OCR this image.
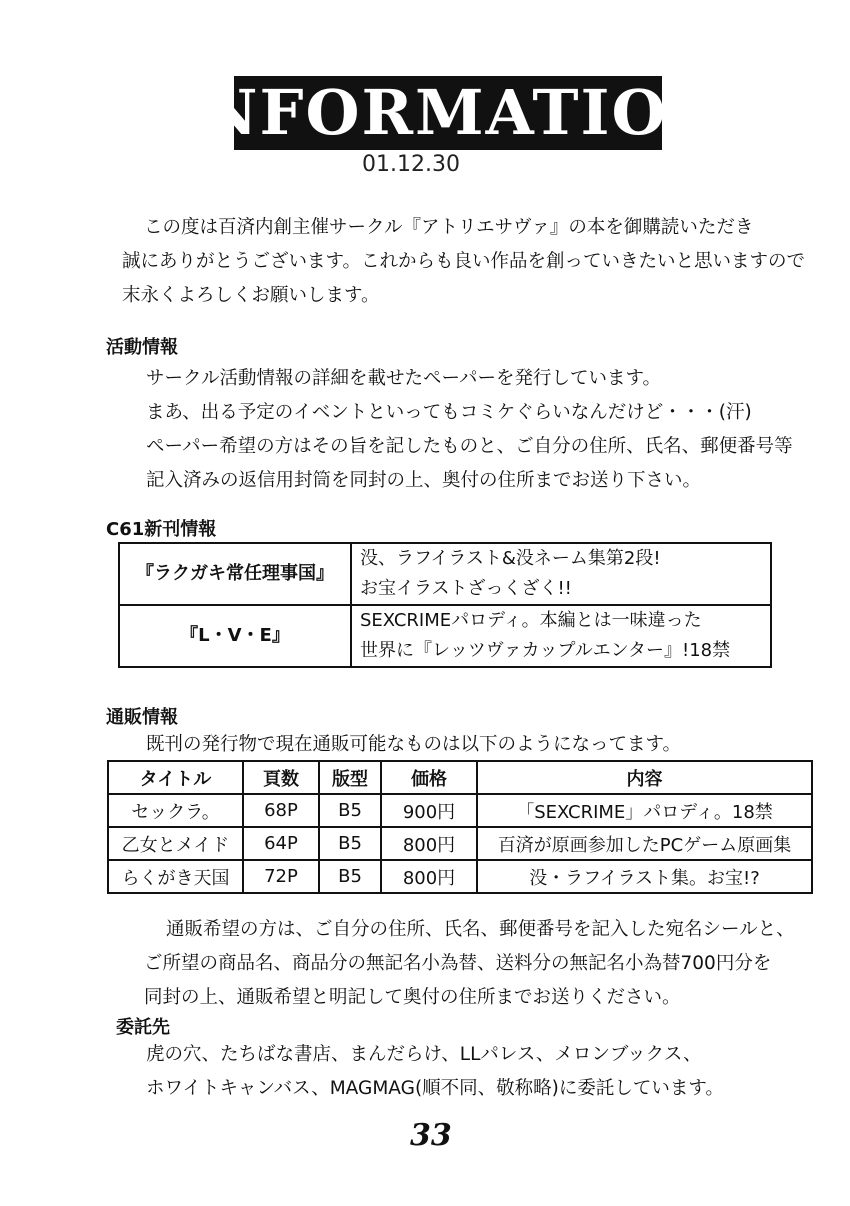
INFORMATION
01.12.30

この度は百済内創主催サークル『アトリエサヴァ』の本を御購読いただき

誠にありがとうございます。これからも良い作品を創っていきたいと思いますので

末永くよろしくお願いします。

活動情報

サークル活動情報の詳細を載せたペーパーを発行しています。

まあ、出る予定のイベントといってもコミケぐらいなんだけど・・・(汗)

ペーパー希望の方はその旨を記したものと、ご自分の住所、氏名、郵便番号等

記入済みの返信用封筒を同封の上、奥付の住所までお送り下さい。

C61新刊情報
『ラクガキ常任理事国』	没、ラフイラスト&没ネーム集第2段!
お宝イラストざっくざく!!

『L・V・E』	SEXCRIMEパロディ。本編とは一味違った
世界に『レッツヴァカップルエンター』!18禁
通販情報
既刊の発行物で現在通販可能なものは以下のようになってます。
タイトル	頁数	版型	価格	内容
セックラ。	68P	B5	900円	「SEXCRIME」パロディ。18禁
乙女とメイド	64P	B5	800円	百済が原画参加したPCゲーム原画集
らくがき天国	72P	B5	800円	没・ラフイラスト集。お宝!?

通販希望の方は、ご自分の住所、氏名、郵便番号を記入した宛名シールと、

ご所望の商品名、商品分の無記名小為替、送料分の無記名小為替700円分を

同封の上、通販希望と明記して奥付の住所までお送りください。

委託先

虎の穴、たちばな書店、まんだらけ、LLパレス、メロンブックス、

ホワイトキャンバス、MAGMAG(順不同、敬称略)に委託しています。

33
